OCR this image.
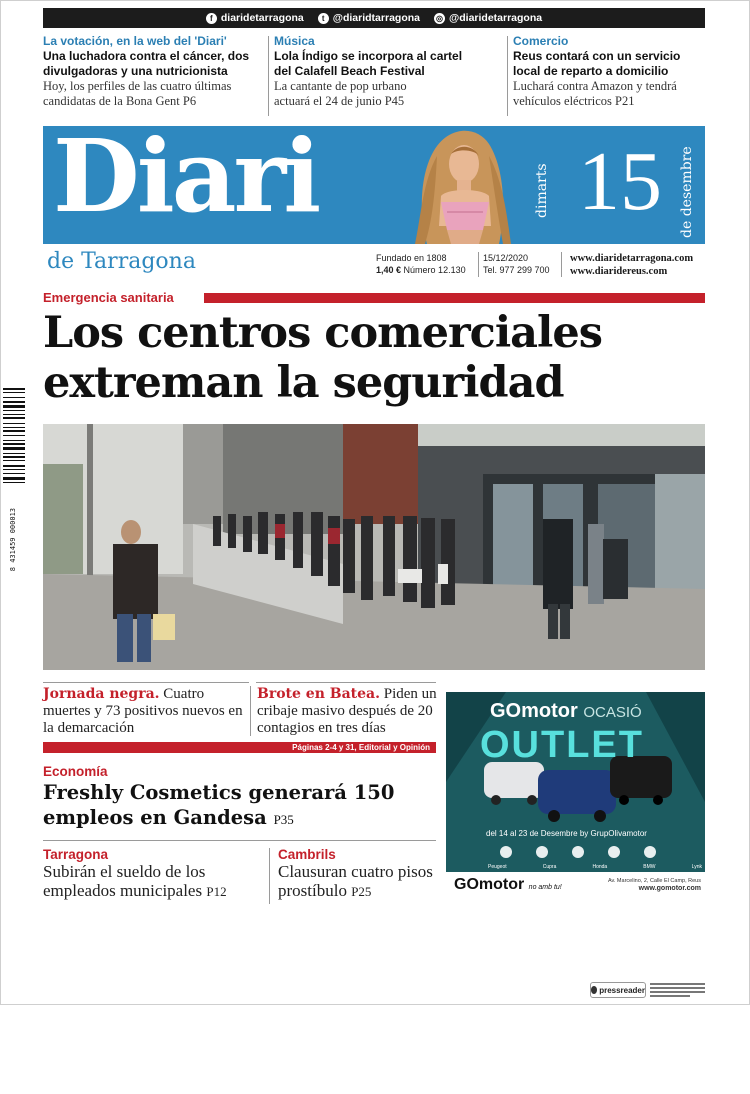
f diaridetarragona	t @diaridtarragona ◎ @diaridetarragona
La votación, en la web del 'Diari'
Una luchadora contra el cáncer, dos divulgadoras y una nutricionista
Hoy, los perfiles de las cuatro últimas candidatas de la Bona Gent P6
Música
Lola Índigo se incorpora al cartel del Calafell Beach Festival
La cantante de pop urbano actuará el 24 de junio P45
Comercio
Reus contará con un servicio local de reparto a domicilio
Luchará contra Amazon y tendrá vehículos eléctricos P21
Diari	dimarts 15 de desembre
de Tarragona	Fundado en 1808
1,40 € Número 12.130
15/12/2020
Tel. 977 299 700
www.diaridetarragona.com
www.diaridereus.com
Emergencia sanitaria
Los centros comerciales
extreman la seguridad
8 431459 000013
Esta es la cola que se formó ayer en el acceso a Parc Central. FOTO: PERE FERRÉ
Jornada negra. Cuatro muertes y 73 positivos nuevos en la demarcación
Brote en Batea. Piden un cribaje masivo después de 20 contagios en tres días
Páginas 2-4 y 31, Editorial y Opinión
Economía
Freshly Cosmetics generará 150 empleos en Gandesa P35
Tarragona
Subirán el sueldo de los empleados municipales P12
Cambrils
Clausuran cuatro pisos prostíbulo P25
GOmotor OCASIÓ
OUTLET
del 14 al 23 de Desembre by GrupOlivamotor
Peugeot	Cupra	Honda	BMW	Lynk
GOmotor no amb tu!
Av. Marcelino, 2, Calle El Camp, Reus
www.gomotor.com
pressreader
